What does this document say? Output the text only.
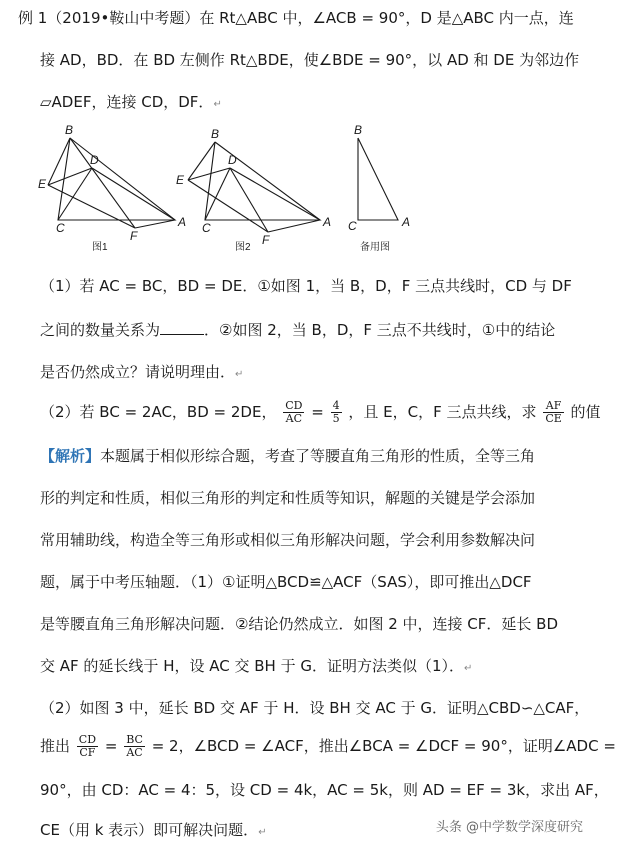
例 1（2019•鞍山中考题）在 Rt△ABC 中，∠ACB = 90°，D 是△ABC 内一点，连
接 AD，BD．在 BD 左侧作 Rt△BDE，使∠BDE = 90°，以 AD 和 DE 为邻边作
▱ADEF，连接 CD，DF．↵
B
D
E
C	A
F
图1
B
D
E
C	A
F
图2
B
C	A
备用图
（1）若 AC = BC，BD = DE．①如图 1，当 B，D，F 三点共线时，CD 与 DF
之间的数量关系为	．②如图 2，当 B，D，F 三点不共线时，①中的结论
是否仍然成立？请说明理由．↵
（2）若 BC = 2AC，BD = 2DE， $\frac{CD}{AC} = \frac{4}{5}$ ，且 E，C，F 三点共线，求 $\frac{AF}{CE}$ 的值
【解析】本题属于相似形综合题，考查了等腰直角三角形的性质，全等三角
形的判定和性质，相似三角形的判定和性质等知识，解题的关键是学会添加
常用辅助线，构造全等三角形或相似三角形解决问题，学会利用参数解决问
题，属于中考压轴题．（1）①证明△BCD≌△ACF（SAS），即可推出△DCF
是等腰直角三角形解决问题．②结论仍然成立．如图 2 中，连接 CF．延长 BD
交 AF 的延长线于 H，设 AC 交 BH 于 G．证明方法类似（1）．↵
（2）如图 3 中，延长 BD 交 AF 于 H．设 BH 交 AC 于 G．证明△CBD∽△CAF，
推出 $\frac{CD}{CF} = \frac{BC}{AC} = 2$，∠BCD = ∠ACF，推出∠BCA = ∠DCF = 90°，证明∠ADC =
90°，由 CD：AC = 4：5，设 CD = 4k，AC = 5k，则 AD = EF = 3k，求出 AF，
CE（用 k 表示）即可解决问题．↵	头条 @中学数学深度研究
